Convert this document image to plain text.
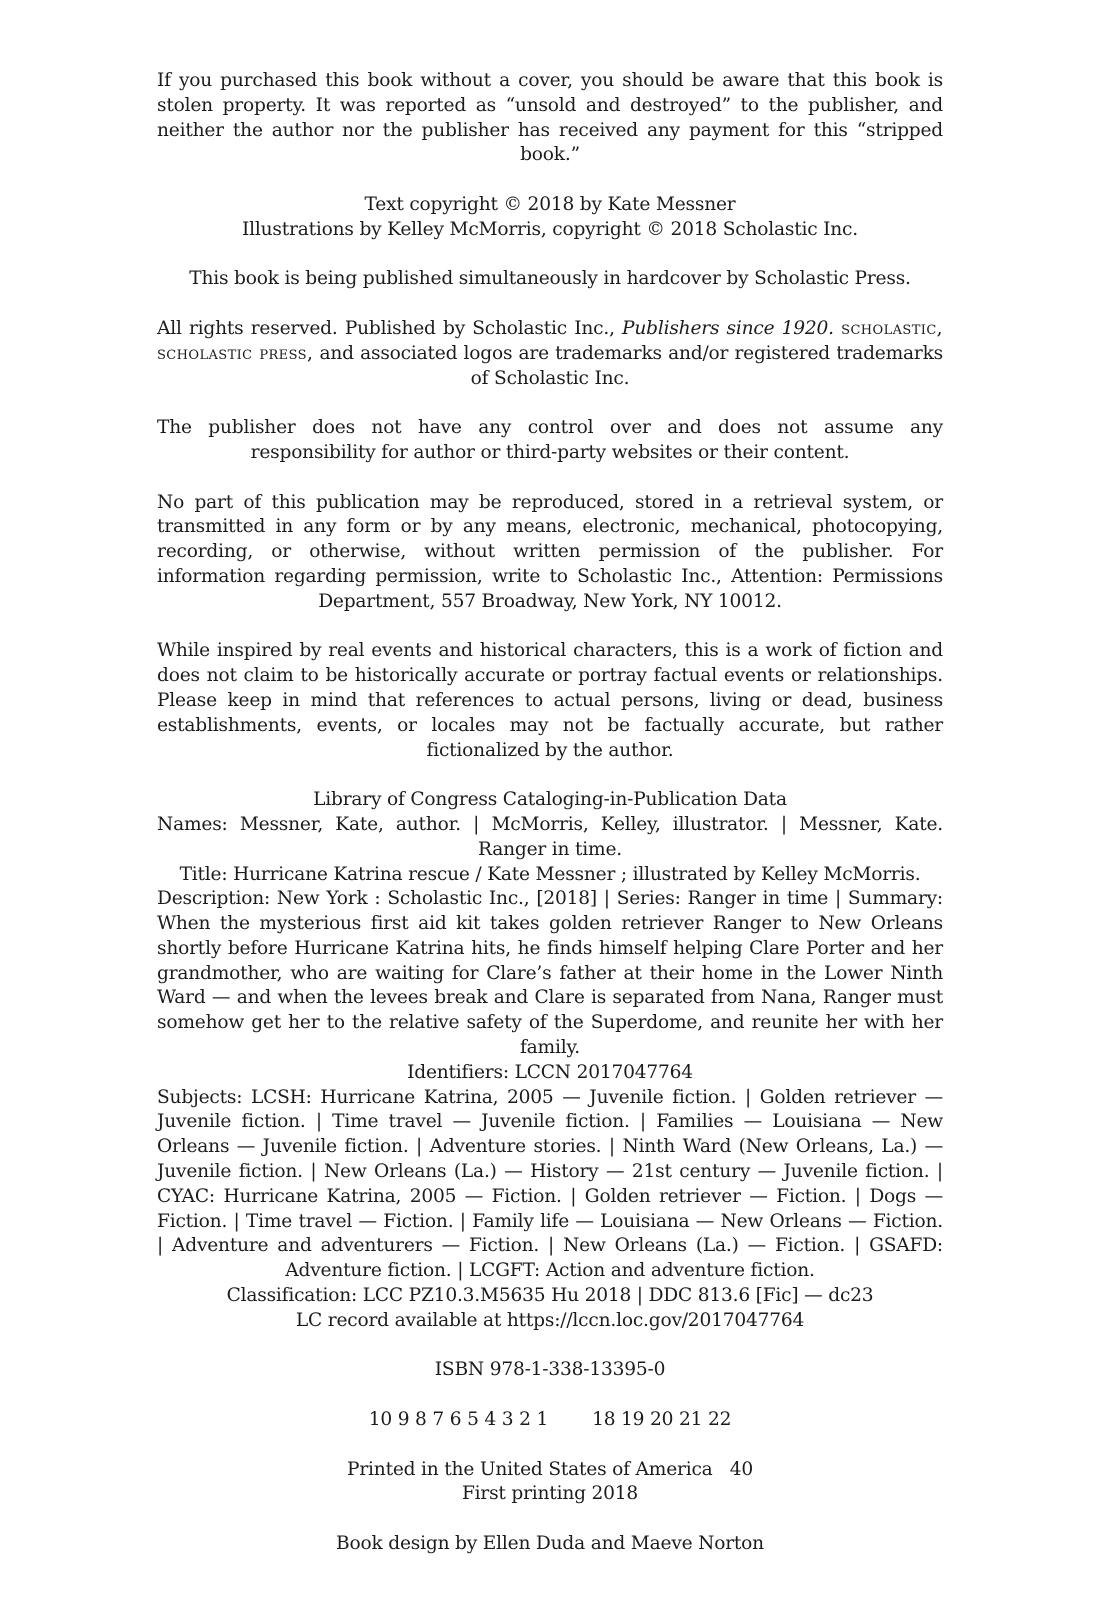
If you purchased this book without a cover, you should be aware that this book is stolen property. It was reported as “unsold and destroyed” to the publisher, and neither the author nor the publisher has received any payment for this “stripped book.”

Text copyright © 2018 by Kate Messner
Illustrations by Kelley McMorris, copyright © 2018 Scholastic Inc.

This book is being published simultaneously in hardcover by Scholastic Press.

All rights reserved. Published by Scholastic Inc., Publishers since 1920. scholastic, scholastic press, and associated logos are trademarks and/or registered trademarks of Scholastic Inc.

The publisher does not have any control over and does not assume any responsibility for author or third-party websites or their content.

No part of this publication may be reproduced, stored in a retrieval system, or transmitted in any form or by any means, electronic, mechanical, photocopying, recording, or otherwise, without written permission of the publisher. For information regarding permission, write to Scholastic Inc., Attention: Permissions Department, 557 Broadway, New York, NY 10012.

While inspired by real events and historical characters, this is a work of fiction and does not claim to be historically accurate or portray factual events or relationships. Please keep in mind that references to actual persons, living or dead, business establishments, events, or locales may not be factually accurate, but rather fictionalized by the author.

Library of Congress Cataloging-in-Publication Data

Names: Messner, Kate, author. | McMorris, Kelley, illustrator. | Messner, Kate. Ranger in time.

Title: Hurricane Katrina rescue / Kate Messner ; illustrated by Kelley McMorris.

Description: New York : Scholastic Inc., [2018] | Series: Ranger in time | Summary: When the mysterious first aid kit takes golden retriever Ranger to New Orleans shortly before Hurricane Katrina hits, he finds himself helping Clare Porter and her grandmother, who are waiting for Clare’s father at their home in the Lower Ninth Ward — and when the levees break and Clare is separated from Nana, Ranger must somehow get her to the relative safety of the Superdome, and reunite her with her family.

Identifiers: LCCN 2017047764

Subjects: LCSH: Hurricane Katrina, 2005 — Juvenile fiction. | Golden retriever — Juvenile fiction. | Time travel — Juvenile fiction. | Families — Louisiana — New Orleans — Juvenile fiction. | Adventure stories. | Ninth Ward (New Orleans, La.) — Juvenile fiction. | New Orleans (La.) — History — 21st century — Juvenile fiction. | CYAC: Hurricane Katrina, 2005 — Fiction. | Golden retriever — Fiction. | Dogs — Fiction. | Time travel — Fiction. | Family life — Louisiana — New Orleans — Fiction. | Adventure and adventurers — Fiction. | New Orleans (La.) — Fiction. | GSAFD: Adventure fiction. | LCGFT: Action and adventure fiction.

Classification: LCC PZ10.3.M5635 Hu 2018 | DDC 813.6 [Fic] — dc23

LC record available at https://lccn.loc.gov/2017047764

ISBN 978-1-338-13395-0

10 9 8 7 6 5 4 3 2 1 18 19 20 21 22

Printed in the United States of America 40
First printing 2018

Book design by Ellen Duda and Maeve Norton
